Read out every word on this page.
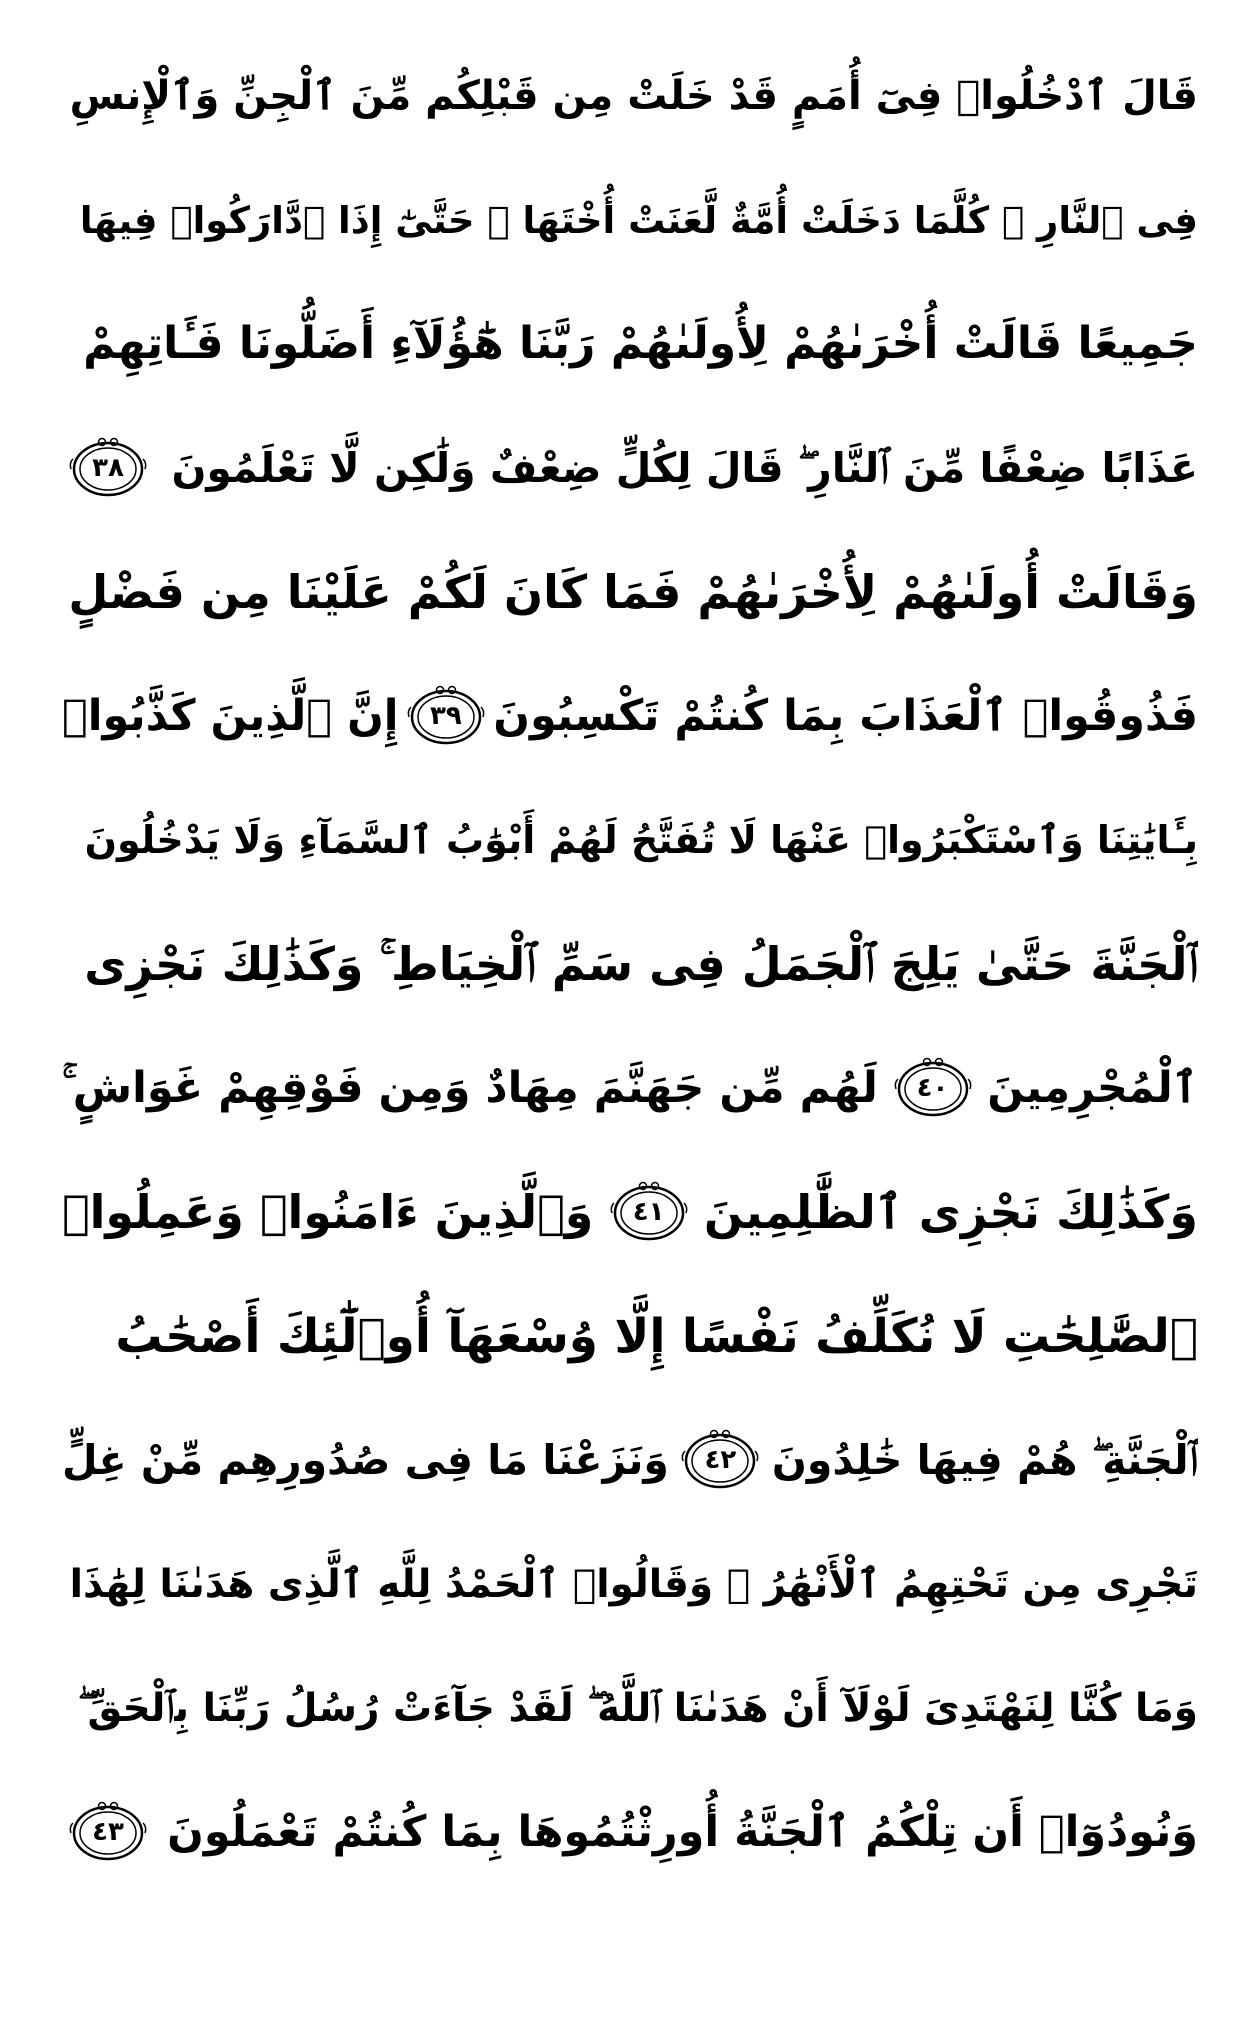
قَالَ ٱدْخُلُوا۟ فِىٓ أُمَمٍ قَدْ خَلَتْ مِن قَبْلِكُم مِّنَ ٱلْجِنِّ وَٱلْإِنسِ
فِى ٱلنَّارِ ۖ كُلَّمَا دَخَلَتْ أُمَّةٌ لَّعَنَتْ أُخْتَهَا ۖ حَتَّىٰٓ إِذَا ٱدَّارَكُوا۟ فِيهَا
جَمِيعًا قَالَتْ أُخْرَىٰهُمْ لِأُولَىٰهُمْ رَبَّنَا هَٰٓؤُلَآءِ أَضَلُّونَا فَـَٔاتِهِمْ
عَذَابًا ضِعْفًا مِّنَ ٱلنَّارِ ۖ قَالَ لِكُلٍّ ضِعْفٌ وَلَٰكِن لَّا تَعْلَمُونَ
٣٨
وَقَالَتْ أُولَىٰهُمْ لِأُخْرَىٰهُمْ فَمَا كَانَ لَكُمْ عَلَيْنَا مِن فَضْلٍ
فَذُوقُوا۟ ٱلْعَذَابَ بِمَا كُنتُمْ تَكْسِبُونَ
٣٩
إِنَّ ٱلَّذِينَ كَذَّبُوا۟
بِـَٔايَٰتِنَا وَٱسْتَكْبَرُوا۟ عَنْهَا لَا تُفَتَّحُ لَهُمْ أَبْوَٰبُ ٱلسَّمَآءِ وَلَا يَدْخُلُونَ
ٱلْجَنَّةَ حَتَّىٰ يَلِجَ ٱلْجَمَلُ فِى سَمِّ ٱلْخِيَاطِ ۚ وَكَذَٰلِكَ نَجْزِى
ٱلْمُجْرِمِينَ
٤٠
لَهُم مِّن جَهَنَّمَ مِهَادٌ وَمِن فَوْقِهِمْ غَوَاشٍ ۚ
وَكَذَٰلِكَ نَجْزِى ٱلظَّٰلِمِينَ
٤١
وَٱلَّذِينَ ءَامَنُوا۟ وَعَمِلُوا۟
ٱلصَّٰلِحَٰتِ لَا نُكَلِّفُ نَفْسًا إِلَّا وُسْعَهَآ أُو۟لَٰٓئِكَ أَصْحَٰبُ
ٱلْجَنَّةِ ۖ هُمْ فِيهَا خَٰلِدُونَ
٤٢
وَنَزَعْنَا مَا فِى صُدُورِهِم مِّنْ غِلٍّ
تَجْرِى مِن تَحْتِهِمُ ٱلْأَنْهَٰرُ ۖ وَقَالُوا۟ ٱلْحَمْدُ لِلَّهِ ٱلَّذِى هَدَىٰنَا لِهَٰذَا
وَمَا كُنَّا لِنَهْتَدِىَ لَوْلَآ أَنْ هَدَىٰنَا ٱللَّهُ ۖ لَقَدْ جَآءَتْ رُسُلُ رَبِّنَا بِٱلْحَقِّ ۖ
وَنُودُوٓا۟ أَن تِلْكُمُ ٱلْجَنَّةُ أُورِثْتُمُوهَا بِمَا كُنتُمْ تَعْمَلُونَ
٤٣
